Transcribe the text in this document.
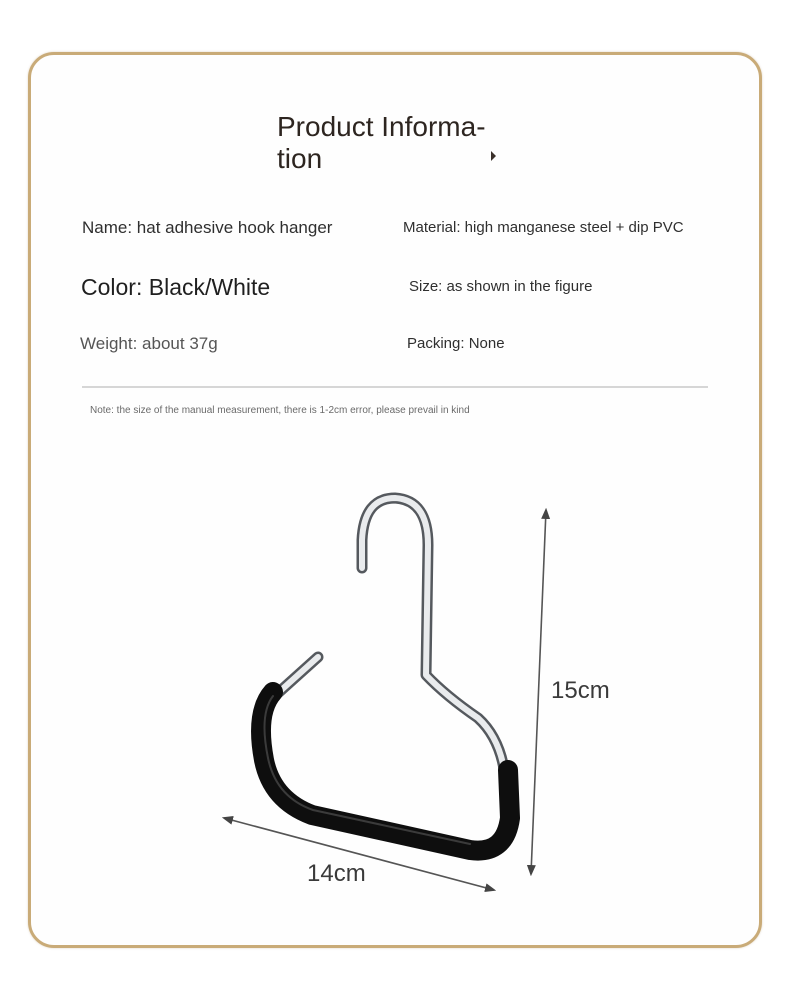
Product Informa-
tion
Name: hat adhesive hook hanger	Material: high manganese steel + dip PVC
Color: Black/White	Size: as shown in the figure
Weight: about 37g	Packing: None
Note: the size of the manual measurement, there is 1-2cm error, please prevail in kind
15cm
14cm
